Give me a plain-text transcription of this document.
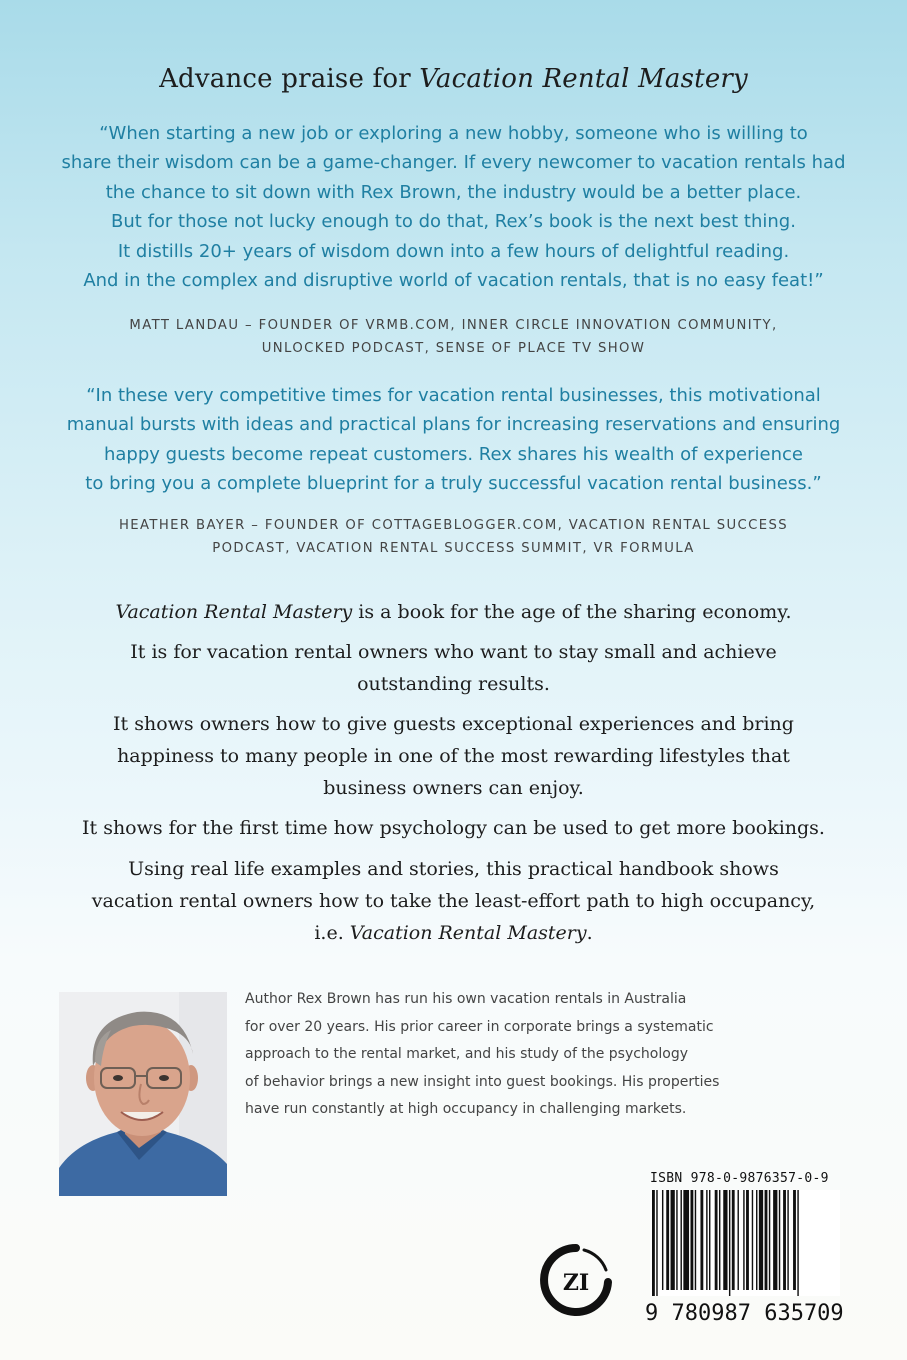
Advance praise for Vacation Rental Mastery
“When starting a new job or exploring a new hobby, someone who is willing to
share their wisdom can be a game-changer. If every newcomer to vacation rentals had
the chance to sit down with Rex Brown, the industry would be a better place.
But for those not lucky enough to do that, Rex’s book is the next best thing.
It distills 20+ years of wisdom down into a few hours of delightful reading.
And in the complex and disruptive world of vacation rentals, that is no easy feat!”
MATT LANDAU – FOUNDER OF VRMB.COM, INNER CIRCLE INNOVATION COMMUNITY,
UNLOCKED PODCAST, SENSE OF PLACE TV SHOW
“In these very competitive times for vacation rental businesses, this motivational
manual bursts with ideas and practical plans for increasing reservations and ensuring
happy guests become repeat customers. Rex shares his wealth of experience
to bring you a complete blueprint for a truly successful vacation rental business.”
HEATHER BAYER – FOUNDER OF COTTAGEBLOGGER.COM, VACATION RENTAL SUCCESS
PODCAST, VACATION RENTAL SUCCESS SUMMIT, VR FORMULA
Vacation Rental Mastery is a book for the age of the sharing economy.
It is for vacation rental owners who want to stay small and achieve
outstanding results.
It shows owners how to give guests exceptional experiences and bring
happiness to many people in one of the most rewarding lifestyles that
business owners can enjoy.
It shows for the first time how psychology can be used to get more bookings.
Using real life examples and stories, this practical handbook shows
vacation rental owners how to take the least-effort path to high occupancy,
i.e. Vacation Rental Mastery.
Author Rex Brown has run his own vacation rentals in Australia
for over 20 years. His prior career in corporate brings a systematic
approach to the rental market, and his study of the psychology
of behavior brings a new insight into guest bookings. His properties
have run constantly at high occupancy in challenging markets.
ZI
ISBN 978-0-9876357-0-9
9 780987 635709
